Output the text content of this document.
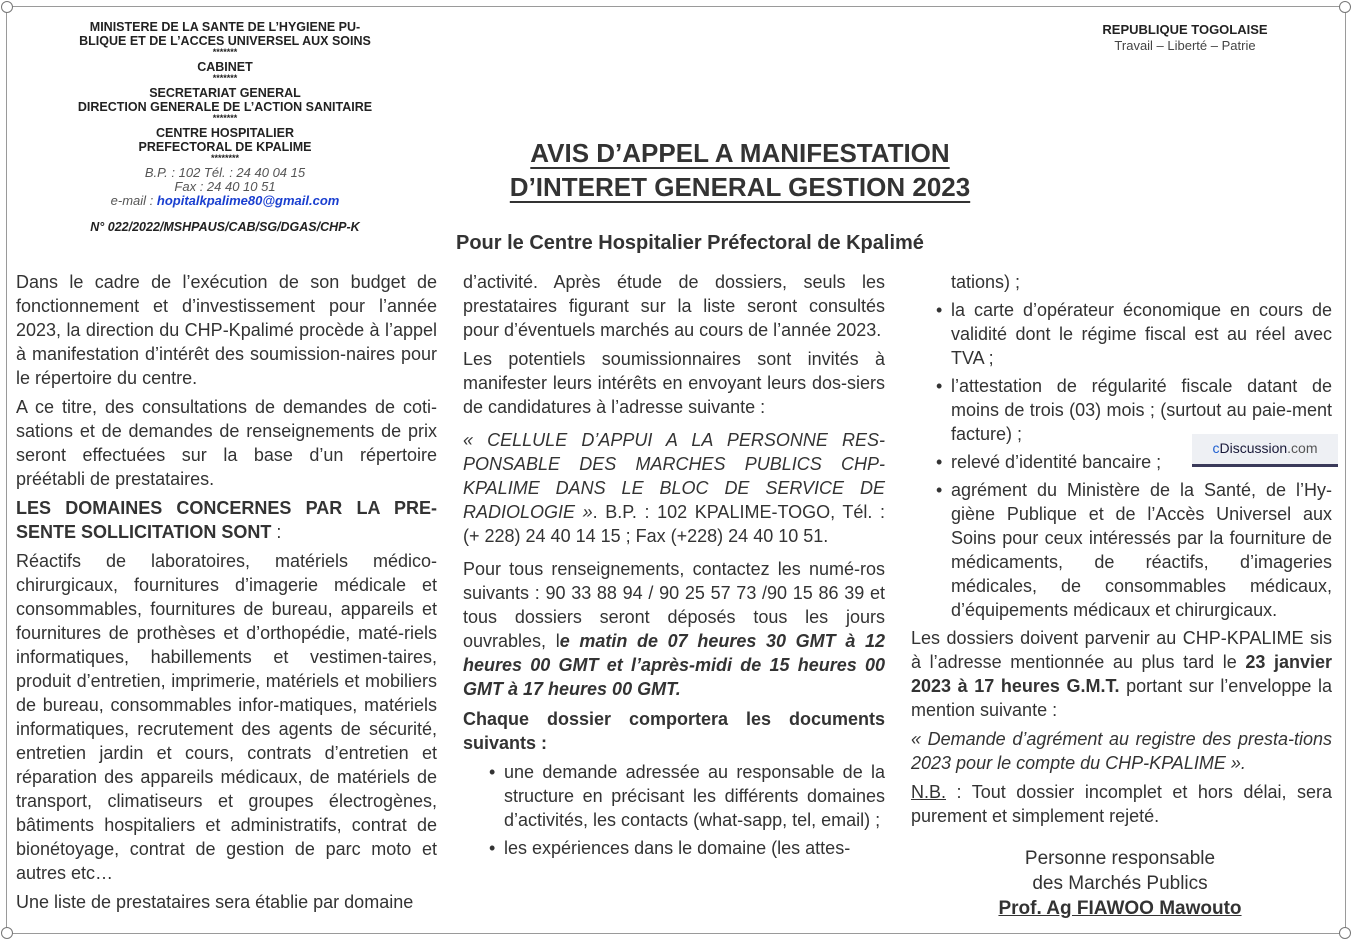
MINISTERE DE LA SANTE DE L’HYGIENE PU-
BLIQUE ET DE L’ACCES UNIVERSEL AUX SOINS
*******
CABINET
*******
SECRETARIAT GENERAL
DIRECTION GENERALE DE L’ACTION SANITAIRE
*******
CENTRE HOSPITALIER
PREFECTORAL DE KPALIME
********
B.P. : 102 Tél. : 24 40 04 15
Fax : 24 40 10 51
e-mail : hopitalkpalime80@gmail.com
N° 022/2022/MSHPAUS/CAB/SG/DGAS/CHP-K
REPUBLIQUE TOGOLAISE
Travail – Liberté – Patrie
AVIS D’APPEL A MANIFESTATION
D’INTERET GENERAL GESTION 2023
Pour le Centre Hospitalier Préfectoral de Kpalimé

Dans le cadre de l’exécution de son budget de fonctionnement et d’investissement pour l’année 2023, la direction du CHP-Kpalimé procède à l’appel à manifestation d’intérêt des soumission-naires pour le répertoire du centre.

A ce titre, des consultations de demandes de coti-sations et de demandes de renseignements de prix seront effectuées sur la base d’un répertoire préétabli de prestataires.

LES DOMAINES CONCERNES PAR LA PRE-SENTE SOLLICITATION SONT :

Réactifs de laboratoires, matériels médico-chirurgicaux, fournitures d’imagerie médicale et consommables, fournitures de bureau, appareils et fournitures de prothèses et d’orthopédie, maté-riels informatiques, habillements et vestimen-taires, produit d’entretien, imprimerie, matériels et mobiliers de bureau, consommables infor-matiques, matériels informatiques, recrutement des agents de sécurité, entretien jardin et cours, contrats d’entretien et réparation des appareils médicaux, de matériels de transport, climatiseurs et groupes électrogènes, bâtiments hospitaliers et administratifs, contrat de bionétoyage, contrat de gestion de parc moto et autres etc…

Une liste de prestataires sera établie par domaine

d’activité. Après étude de dossiers, seuls les prestataires figurant sur la liste seront consultés pour d’éventuels marchés au cours de l’année 2023.

Les potentiels soumissionnaires sont invités à manifester leurs intérêts en envoyant leurs dos-siers de candidatures à l’adresse suivante :

« CELLULE D’APPUI A LA PERSONNE RES-PONSABLE DES MARCHES PUBLICS CHP-KPALIME DANS LE BLOC DE SERVICE DE RADIOLOGIE ». B.P. : 102 KPALIME-TOGO, Tél. : (+ 228) 24 40 14 15 ; Fax (+228) 24 40 10 51.

Pour tous renseignements, contactez les numé-ros suivants : 90 33 88 94 / 90 25 57 73 /90 15 86 39 et tous dossiers seront déposés tous les jours ouvrables, le matin de 07 heures 30 GMT à 12 heures 00 GMT et l’après-midi de 15 heures 00 GMT à 17 heures 00 GMT.

Chaque dossier comportera les documents suivants :

• une demande adressée au responsable de la structure en précisant les différents domaines d’activités, les contacts (what-sapp, tel, email) ;
• les expériences dans le domaine (les attes-

tations) ;

• la carte d’opérateur économique en cours de validité dont le régime fiscal est au réel avec TVA ;
• l’attestation de régularité fiscale datant de moins de trois (03) mois ; (surtout au paie-ment facture) ;
• relevé d’identité bancaire ;
• agrément du Ministère de la Santé, de l’Hy-giène Publique et de l’Accès Universel aux Soins pour ceux intéressés par la fourniture de médicaments, de réactifs, d’imageries médicales, de consommables médicaux, d’équipements médicaux et chirurgicaux.

Les dossiers doivent parvenir au CHP-KPALIME sis à l’adresse mentionnée au plus tard le 23 janvier 2023 à 17 heures G.M.T. portant sur l’enveloppe la mention suivante :

« Demande d’agrément au registre des presta-tions 2023 pour le compte du CHP-KPALIME ».

N.B. : Tout dossier incomplet et hors délai, sera purement et simplement rejeté.

Personne responsable
des Marchés Publics
Prof. Ag FIAWOO Mawouto
cDiscussion.com
